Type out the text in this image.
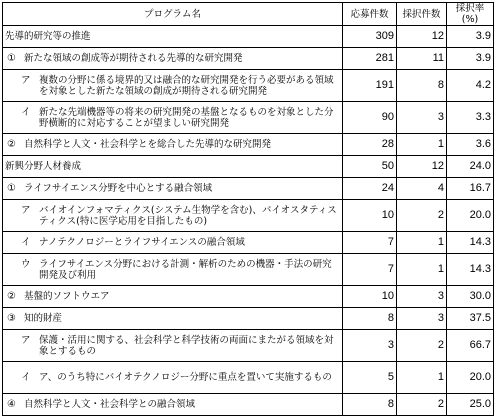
プログラム名	応募件数	採択件数	採択率(%)
先導的研究等の推進	309	12	3.9

① 新たな領域の創成等が期待される先導的な研究開発	281	11	3.9

ア 複数の分野に係る境界的又は融合的な研究開発を行う必要がある領域を対象とした新たな領域の創成が期待される研究開発	191	8	4.2

イ 新たな先端機器等の将来の研究開発の基盤となるものを対象とした分野横断的に対応することが望ましい研究開発	90	3	3.3

② 自然科学と人文・社会科学とを総合した先導的な研究開発	28	1	3.6
新興分野人材養成	50	12	24.0

① ライフサイエンス分野を中心とする融合領域	24	4	16.7

ア バイオインフォマティクス(システム生物学を含む)、バイオスタティスティクス(特に医学応用を目指したもの)	10	2	20.0

イ ナノテクノロジーとライフサイエンスの融合領域	7	1	14.3

ウ ライフサイエンス分野における計測・解析のための機器・手法の研究開発及び利用	7	1	14.3

② 基盤的ソフトウエア	10	3	30.0

③ 知的財産	8	3	37.5

ア 保護・活用に関する、社会科学と科学技術の両面にまたがる領域を対象とするもの	3	2	66.7

イ ア、のうち特にバイオテクノロジー分野に重点を置いて実施するもの	5	1	20.0

④ 自然科学と人文・社会科学との融合領域	8	2	25.0
